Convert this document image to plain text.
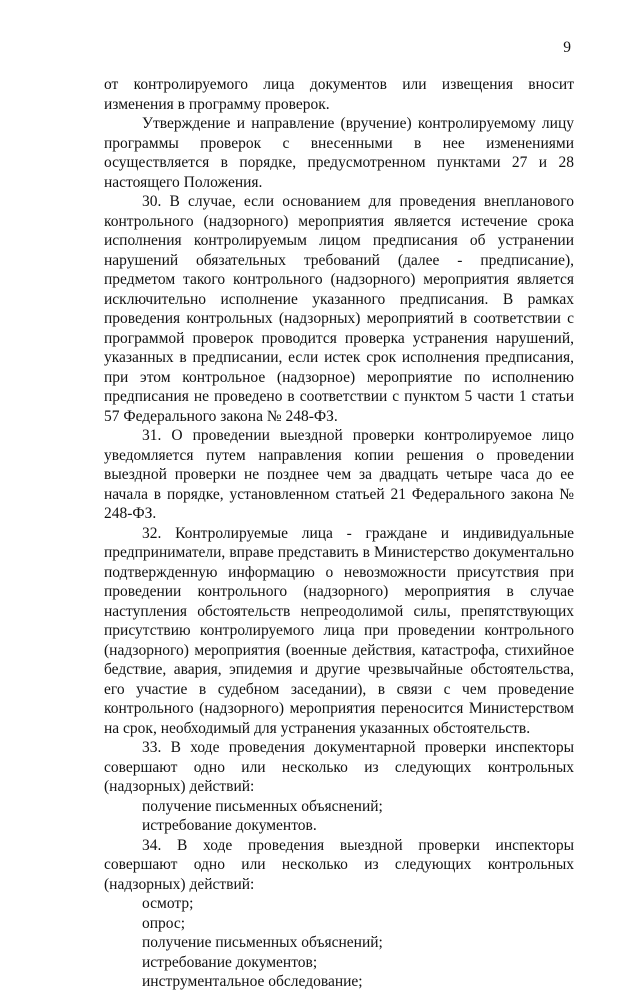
9

от контролируемого лица документов или извещения вносит изменения в программу проверок.

Утверждение и направление (вручение) контролируемому лицу программы проверок с внесенными в нее изменениями осуществляется в порядке, предусмотренном пунктами 27 и 28 настоящего Положения.

30. В случае, если основанием для проведения внепланового контрольного (надзорного) мероприятия является истечение срока исполнения контролируемым лицом предписания об устранении нарушений обязательных требований (далее - предписание), предметом такого контрольного (надзорного) мероприятия является исключительно исполнение указанного предписания. В рамках проведения контрольных (надзорных) мероприятий в соответствии с программой проверок проводится проверка устранения нарушений, указанных в предписании, если истек срок исполнения предписания, при этом контрольное (надзорное) мероприятие по исполнению предписания не проведено в соответствии с пунктом 5 части 1 статьи 57 Федерального закона № 248-ФЗ.

31. О проведении выездной проверки контролируемое лицо уведомляется путем направления копии решения о проведении выездной проверки не позднее чем за двадцать четыре часа до ее начала в порядке, установленном статьей 21 Федерального закона № 248-ФЗ.

32. Контролируемые лица - граждане и индивидуальные предприниматели, вправе представить в Министерство документально подтвержденную информацию о невозможности присутствия при проведении контрольного (надзорного) мероприятия в случае наступления обстоятельств непреодолимой силы, препятствующих присутствию контролируемого лица при проведении контрольного (надзорного) мероприятия (военные действия, катастрофа, стихийное бедствие, авария, эпидемия и другие чрезвычайные обстоятельства, его участие в судебном заседании), в связи с чем проведение контрольного (надзорного) мероприятия переносится Министерством на срок, необходимый для устранения указанных обстоятельств.

33. В ходе проведения документарной проверки инспекторы совершают одно или несколько из следующих контрольных (надзорных) действий:

получение письменных объяснений;

истребование документов.

34. В ходе проведения выездной проверки инспекторы совершают одно или несколько из следующих контрольных (надзорных) действий:

осмотр;

опрос;

получение письменных объяснений;

истребование документов;

инструментальное обследование;
